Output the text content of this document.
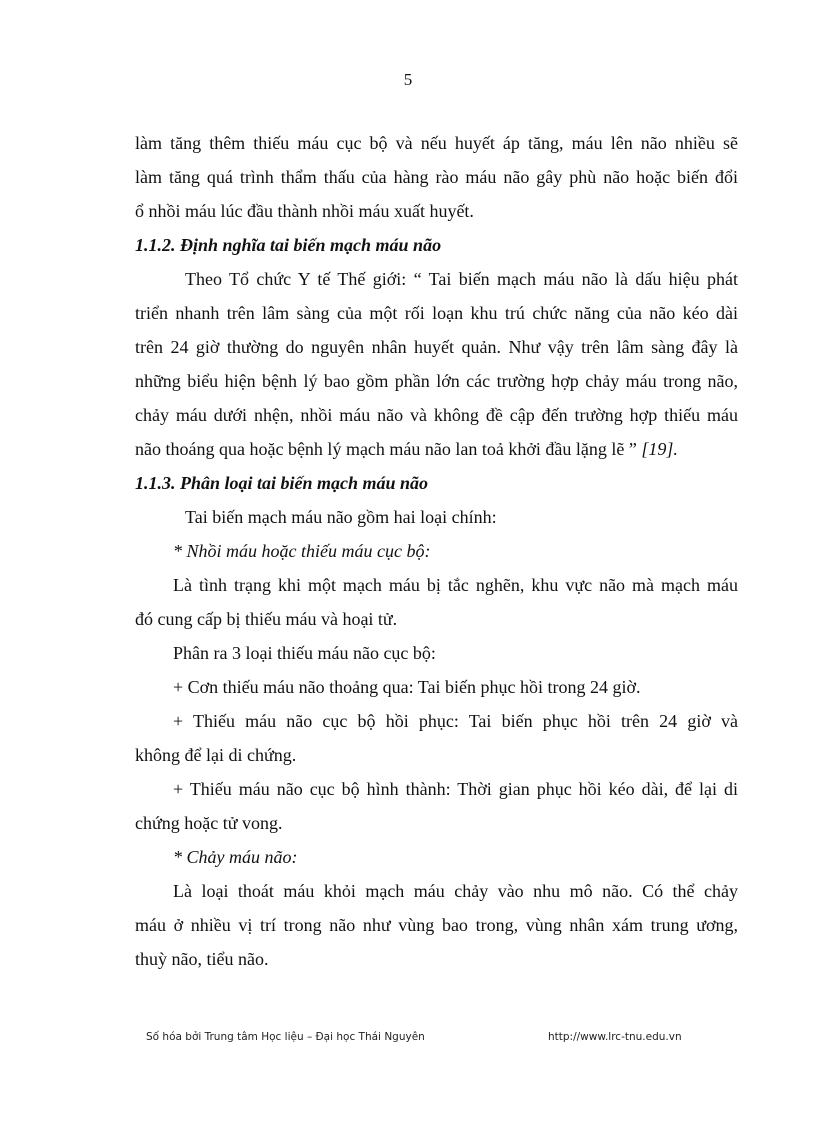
5
làm tăng thêm thiếu máu cục bộ và nếu huyết áp tăng, máu lên não nhiều sẽ
làm tăng quá trình thẩm thấu của hàng rào máu não gây phù não hoặc biến đổi
ổ nhồi máu lúc đầu thành nhồi máu xuất huyết.
1.1.2. Định nghĩa tai biến mạch máu não
Theo Tổ chức Y tế Thế giới: “ Tai biến mạch máu não là dấu hiệu phát
triển nhanh trên lâm sàng của một rối loạn khu trú chức năng của não kéo dài
trên 24 giờ thường do nguyên nhân huyết quản. Như vậy trên lâm sàng đây là
những biểu hiện bệnh lý bao gồm phần lớn các trường hợp chảy máu trong não,
chảy máu dưới nhện, nhồi máu não và không đề cập đến trường hợp thiếu máu
não thoáng qua hoặc bệnh lý mạch máu não lan toả khởi đầu lặng lẽ ” [19].
1.1.3. Phân loại tai biến mạch máu não
Tai biến mạch máu não gồm hai loại chính:
* Nhồi máu hoặc thiếu máu cục bộ:
Là tình trạng khi một mạch máu bị tắc nghẽn, khu vực não mà mạch máu
đó cung cấp bị thiếu máu và hoại tử.
Phân ra 3 loại thiếu máu não cục bộ:
+ Cơn thiếu máu não thoảng qua: Tai biến phục hồi trong 24 giờ.
+ Thiếu máu não cục bộ hồi phục: Tai biến phục hồi trên 24 giờ và
không để lại di chứng.
+ Thiếu máu não cục bộ hình thành: Thời gian phục hồi kéo dài, để lại di
chứng hoặc tử vong.
* Chảy máu não:
Là loại thoát máu khỏi mạch máu chảy vào nhu mô não. Có thể chảy
máu ở nhiều vị trí trong não như vùng bao trong, vùng nhân xám trung ương,
thuỳ não, tiểu não.
Số hóa bởi Trung tâm Học liệu – Đại học Thái Nguyên	http://www.lrc-tnu.edu.vn
